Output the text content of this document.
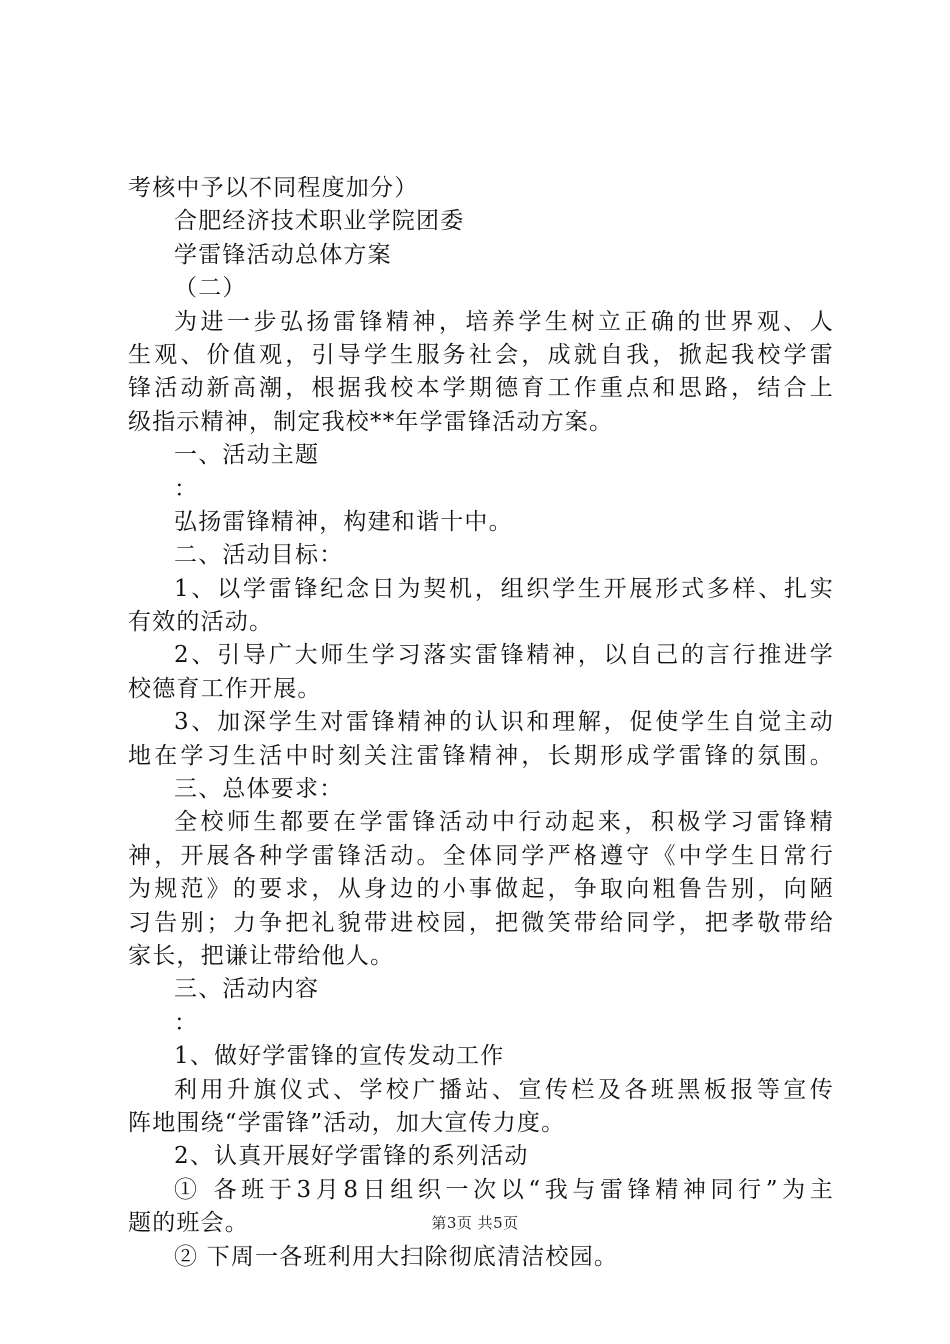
考核中予以不同程度加分）
合肥经济技术职业学院团委
学雷锋活动总体方案
（二）
为进一步弘扬雷锋精神，培养学生树立正确的世界观、人
生观、价值观，引导学生服务社会，成就自我，掀起我校学雷
锋活动新高潮，根据我校本学期德育工作重点和思路，结合上
级指示精神，制定我校**年学雷锋活动方案。
一、活动主题
：
弘扬雷锋精神，构建和谐十中。
二、活动目标：
1、以学雷锋纪念日为契机，组织学生开展形式多样、扎实
有效的活动。
2、引导广大师生学习落实雷锋精神，以自己的言行推进学
校德育工作开展。
3、加深学生对雷锋精神的认识和理解，促使学生自觉主动
地在学习生活中时刻关注雷锋精神，长期形成学雷锋的氛围。
三、总体要求：
全校师生都要在学雷锋活动中行动起来，积极学习雷锋精
神，开展各种学雷锋活动。全体同学严格遵守《中学生日常行
为规范》的要求，从身边的小事做起，争取向粗鲁告别，向陋
习告别；力争把礼貌带进校园，把微笑带给同学，把孝敬带给
家长，把谦让带给他人。
三、活动内容
：
1、做好学雷锋的宣传发动工作
利用升旗仪式、学校广播站、宣传栏及各班黑板报等宣传
阵地围绕“学雷锋”活动，加大宣传力度。
2、认真开展好学雷锋的系列活动
① 各班于3月8日组织一次以“我与雷锋精神同行”为主
题的班会。
② 下周一各班利用大扫除彻底清洁校园。
第3页 共5页
